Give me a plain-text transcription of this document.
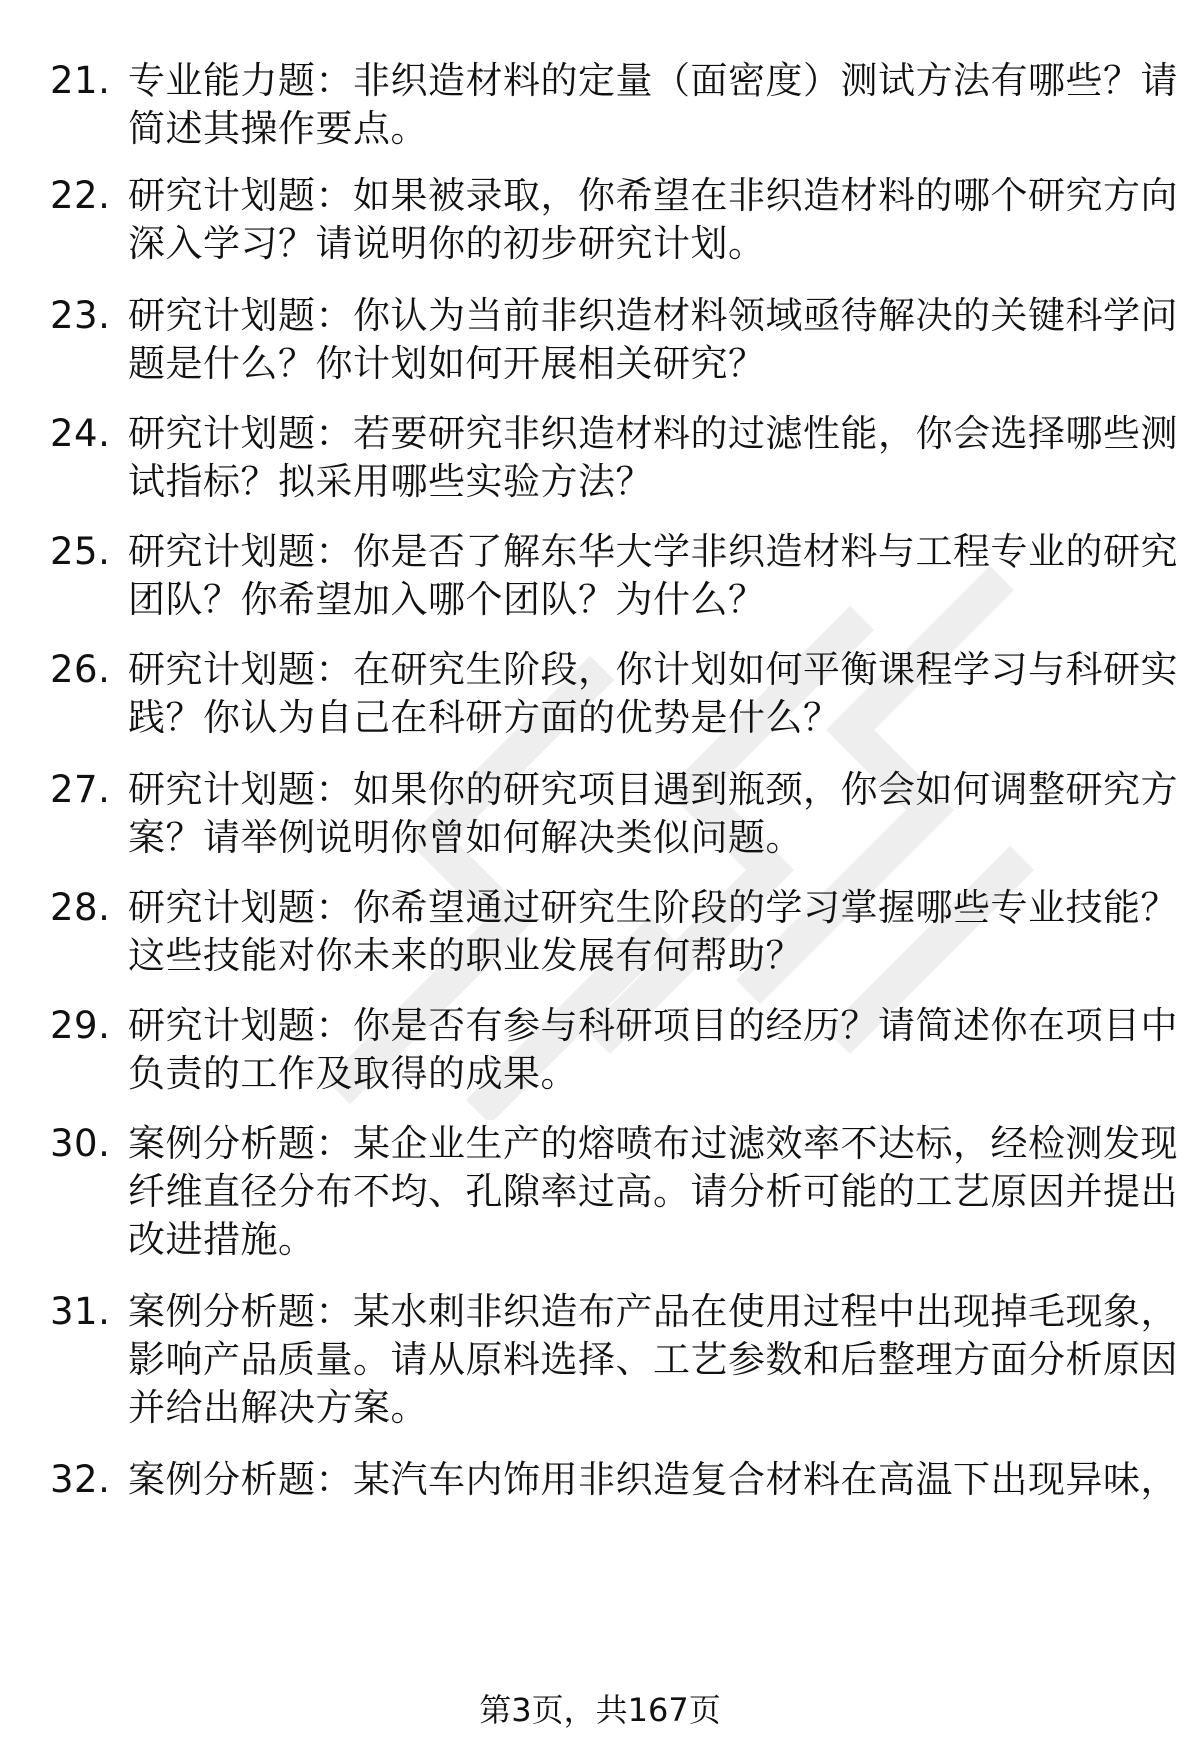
21. 专业能力题：非织造材料的定量（面密度）测试方法有哪些？请简述其操作要点。
22. 研究计划题：如果被录取，你希望在非织造材料的哪个研究方向深入学习？请说明你的初步研究计划。
23. 研究计划题：你认为当前非织造材料领域亟待解决的关键科学问题是什么？你计划如何开展相关研究？
24. 研究计划题：若要研究非织造材料的过滤性能，你会选择哪些测试指标？拟采用哪些实验方法？
25. 研究计划题：你是否了解东华大学非织造材料与工程专业的研究团队？你希望加入哪个团队？为什么？
26. 研究计划题：在研究生阶段，你计划如何平衡课程学习与科研实践？你认为自己在科研方面的优势是什么？
27. 研究计划题：如果你的研究项目遇到瓶颈，你会如何调整研究方案？请举例说明你曾如何解决类似问题。
28. 研究计划题：你希望通过研究生阶段的学习掌握哪些专业技能？这些技能对你未来的职业发展有何帮助？
29. 研究计划题：你是否有参与科研项目的经历？请简述你在项目中负责的工作及取得的成果。
30. 案例分析题：某企业生产的熔喷布过滤效率不达标，经检测发现纤维直径分布不均、孔隙率过高。请分析可能的工艺原因并提出改进措施。
31. 案例分析题：某水刺非织造布产品在使用过程中出现掉毛现象，影响产品质量。请从原料选择、工艺参数和后整理方面分析原因并给出解决方案。
32. 案例分析题：某汽车内饰用非织造复合材料在高温下出现异味，
第3页，共167页
